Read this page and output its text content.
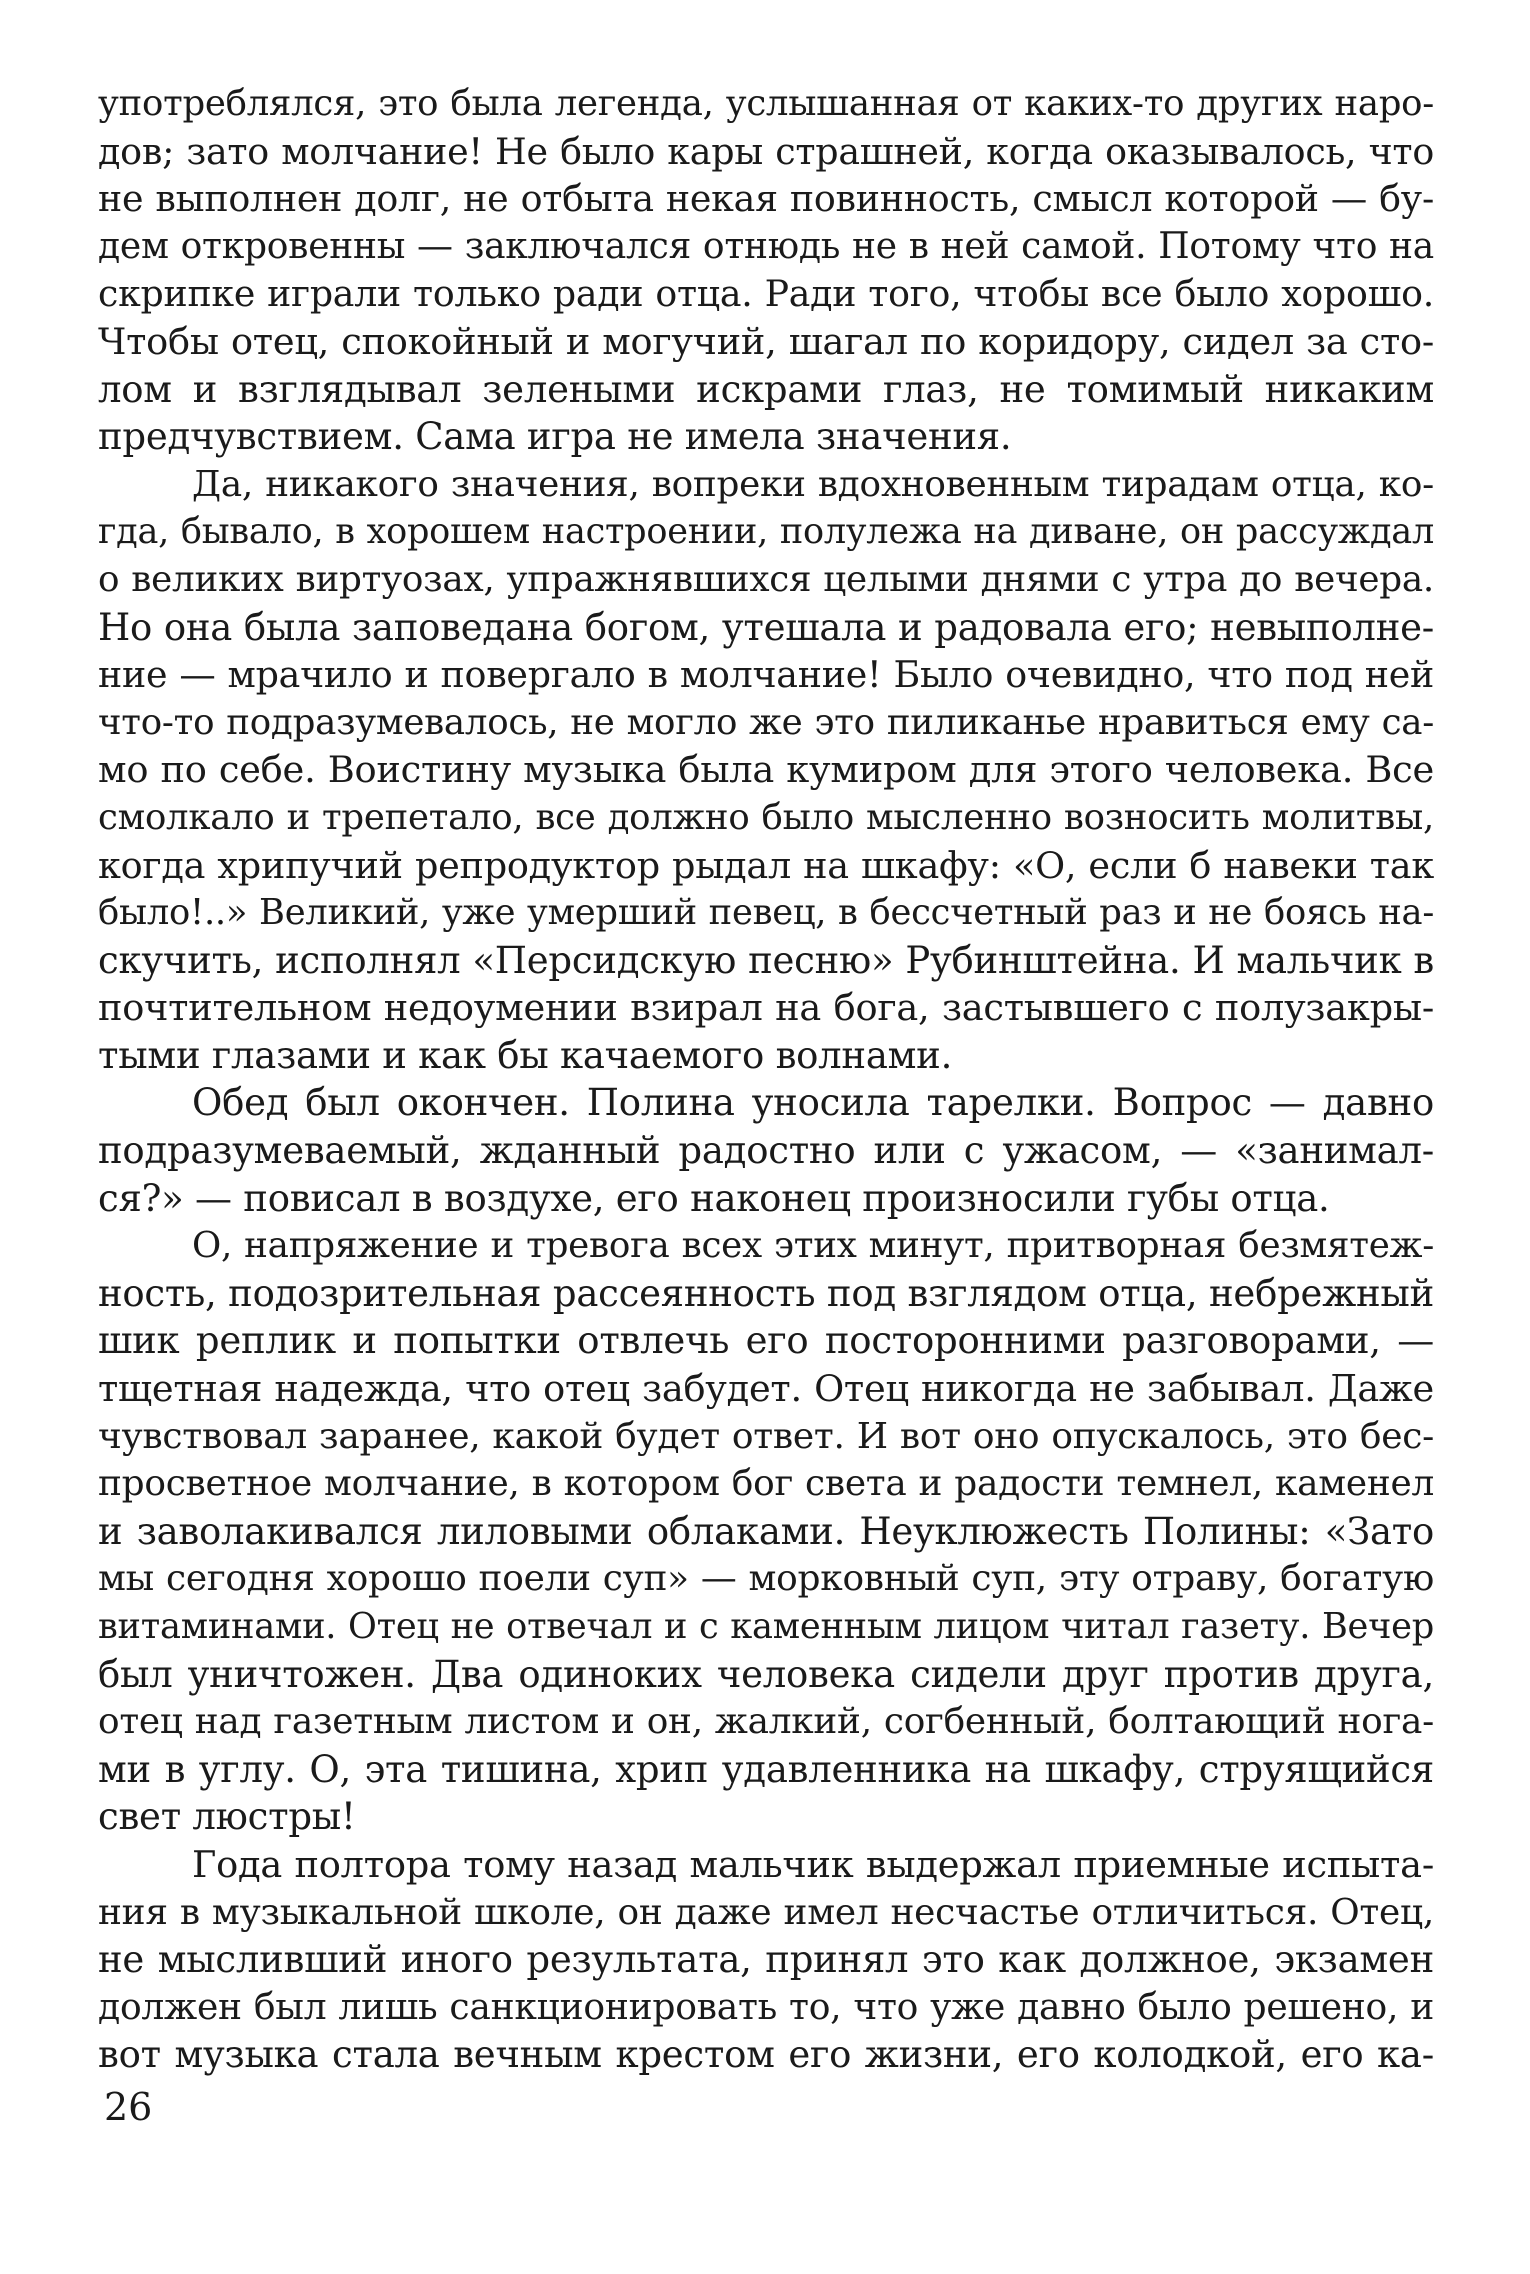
употреблялся, это была легенда, услышанная от каких-то других наро-
дов; зато молчание! Не было кары страшней, когда оказывалось, что
не выполнен долг, не отбыта некая повинность, смысл которой — бу-
дем откровенны — заключался отнюдь не в ней самой. Потому что на
скрипке играли только ради отца. Ради того, чтобы все было хорошо.
Чтобы отец, спокойный и могучий, шагал по коридору, сидел за сто-
лом и взглядывал зелеными искрами глаз, не томимый никаким
предчувствием. Сама игра не имела значения.
Да, никакого значения, вопреки вдохновенным тирадам отца, ко-
гда, бывало, в хорошем настроении, полулежа на диване, он рассуждал
о великих виртуозах, упражнявшихся целыми днями с утра до вечера.
Но она была заповедана богом, утешала и радовала его; невыполне-
ние — мрачило и повергало в молчание! Было очевидно, что под ней
что-то подразумевалось, не могло же это пиликанье нравиться ему са-
мо по себе. Воистину музыка была кумиром для этого человека. Все
смолкало и трепетало, все должно было мысленно возносить молитвы,
когда хрипучий репродуктор рыдал на шкафу: «О, если б навеки так
было!..» Великий, уже умерший певец, в бессчетный раз и не боясь на-
скучить, исполнял «Персидскую песню» Рубинштейна. И мальчик в
почтительном недоумении взирал на бога, застывшего с полузакры-
тыми глазами и как бы качаемого волнами.
Обед был окончен. Полина уносила тарелки. Вопрос — давно
подразумеваемый, жданный радостно или с ужасом, — «занимал-
ся?» — повисал в воздухе, его наконец произносили губы отца.
О, напряжение и тревога всех этих минут, притворная безмятеж-
ность, подозрительная рассеянность под взглядом отца, небрежный
шик реплик и попытки отвлечь его посторонними разговорами, —
тщетная надежда, что отец забудет. Отец никогда не забывал. Даже
чувствовал заранее, какой будет ответ. И вот оно опускалось, это бес-
просветное молчание, в котором бог света и радости темнел, каменел
и заволакивался лиловыми облаками. Неуклюжесть Полины: «Зато
мы сегодня хорошо поели суп» — морковный суп, эту отраву, богатую
витаминами. Отец не отвечал и с каменным лицом читал газету. Вечер
был уничтожен. Два одиноких человека сидели друг против друга,
отец над газетным листом и он, жалкий, согбенный, болтающий нога-
ми в углу. О, эта тишина, хрип удавленника на шкафу, струящийся
свет люстры!
Года полтора тому назад мальчик выдержал приемные испыта-
ния в музыкальной школе, он даже имел несчастье отличиться. Отец,
не мысливший иного результата, принял это как должное, экзамен
должен был лишь санкционировать то, что уже давно было решено, и
вот музыка стала вечным крестом его жизни, его колодкой, его ка-
26
